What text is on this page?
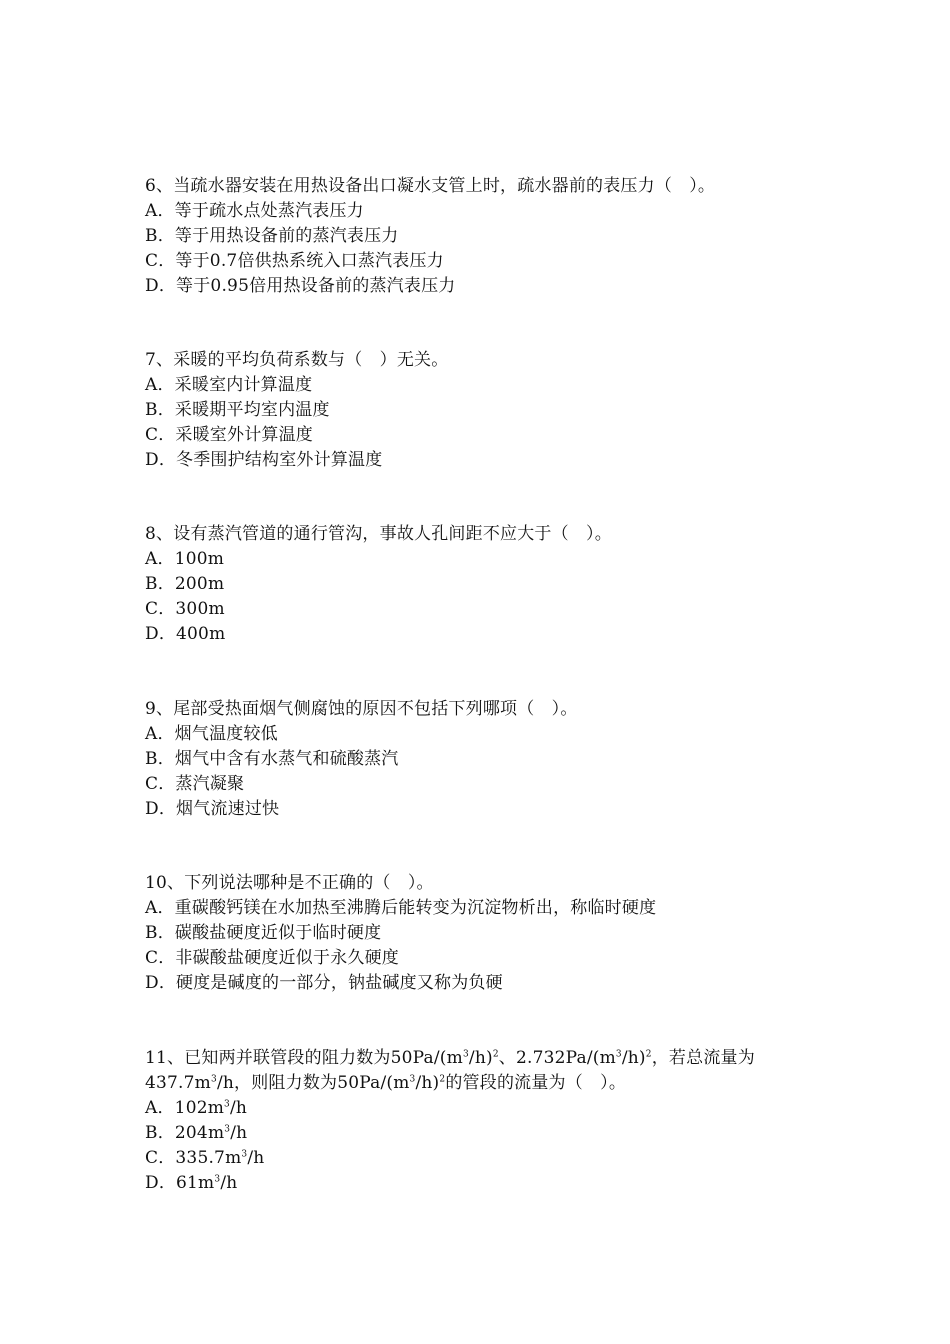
6、当疏水器安装在用热设备出口凝水支管上时，疏水器前的表压力（　）。
A．等于疏水点处蒸汽表压力
B．等于用热设备前的蒸汽表压力
C．等于0.7倍供热系统入口蒸汽表压力
D．等于0.95倍用热设备前的蒸汽表压力
7、采暖的平均负荷系数与（　）无关。
A．采暖室内计算温度
B．采暖期平均室内温度
C．采暖室外计算温度
D．冬季围护结构室外计算温度
8、设有蒸汽管道的通行管沟，事故人孔间距不应大于（　）。
A．100m
B．200m
C．300m
D．400m
9、尾部受热面烟气侧腐蚀的原因不包括下列哪项（　）。
A．烟气温度较低
B．烟气中含有水蒸气和硫酸蒸汽
C．蒸汽凝聚
D．烟气流速过快
10、下列说法哪种是不正确的（　）。
A．重碳酸钙镁在水加热至沸腾后能转变为沉淀物析出，称临时硬度
B．碳酸盐硬度近似于临时硬度
C．非碳酸盐硬度近似于永久硬度
D．硬度是碱度的一部分，钠盐碱度又称为负硬
11、已知两并联管段的阻力数为$50Pa/(m^3/h)^2$、$2.732Pa/(m^3/h)^2$，若总流量为
$437.7m^3/h$，则阻力数为$50Pa/(m^3/h)^2$的管段的流量为（　）。
A．$102m^3/h$
B．$204m^3/h$
C．$335.7m^3/h$
D．$61m^3/h$
